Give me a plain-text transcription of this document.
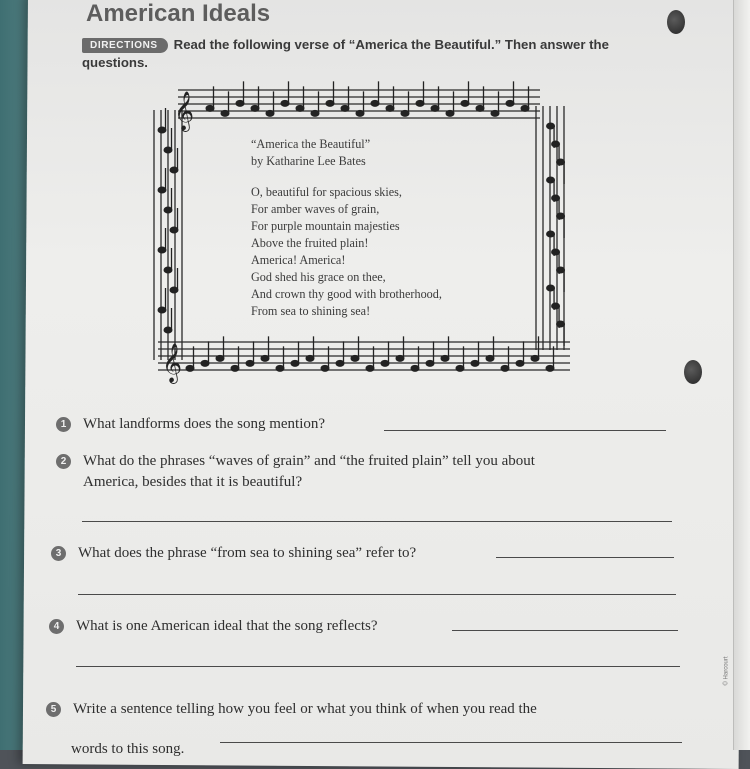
American Ideals
DIRECTIONS Read the following verse of “America the Beautiful.” Then answer the questions.
𝄞
𝄞
“America the Beautiful”
by Katharine Lee Bates
O, beautiful for spacious skies,
For amber waves of grain,
For purple mountain majesties
Above the fruited plain!
America! America!
God shed his grace on thee,
And crown thy good with brotherhood,
From sea to shining sea!
1 What landforms does the song mention?
2 What do the phrases “waves of grain” and “the fruited plain” tell you about
America, besides that it is beautiful?
3 What does the phrase “from sea to shining sea” refer to?
4 What is one American ideal that the song reflects?
5 Write a sentence telling how you feel or what you think of when you read the
words to this song.
© Harcourt
